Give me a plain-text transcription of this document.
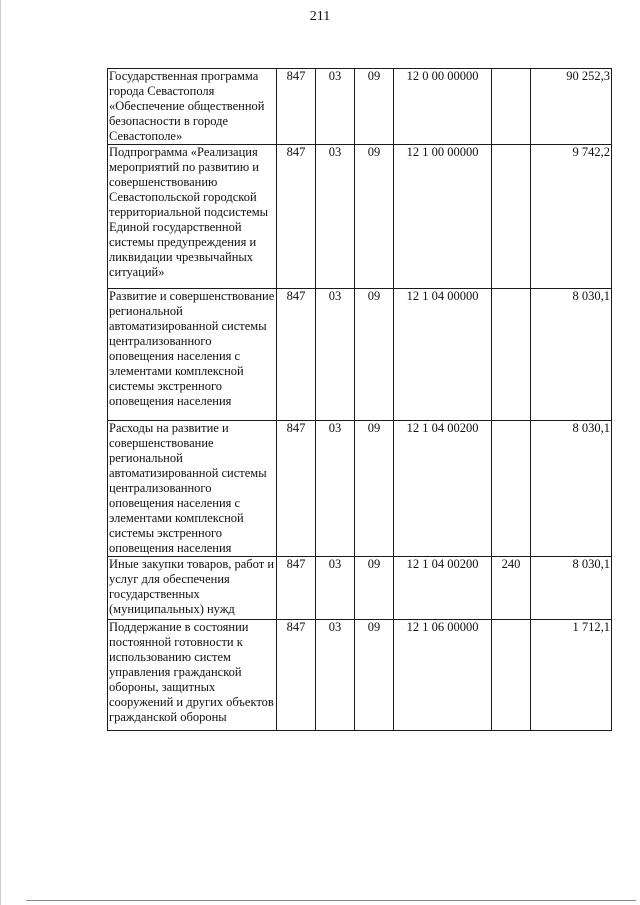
211
Государственная программа города Севастополя «Обеспечение общественной безопасности в городе Севастополе»	847	03	09	12 0 00 00000		90 252,3
Подпрограмма «Реализация мероприятий по развитию и совершенствованию Севастопольской городской территориальной подсистемы Единой государственной системы предупреждения и ликвидации чрезвычайных ситуаций»	847	03	09	12 1 00 00000		9 742,2
Развитие и совершенствование региональной автоматизированной системы централизованного оповещения населения с элементами комплексной системы экстренного оповещения населения	847	03	09	12 1 04 00000		8 030,1
Расходы на развитие и совершенствование региональной автоматизированной системы централизованного оповещения населения с элементами комплексной системы экстренного оповещения населения	847	03	09	12 1 04 00200		8 030,1
Иные закупки товаров, работ и услуг для обеспечения государственных (муниципальных) нужд	847	03	09	12 1 04 00200	240	8 030,1
Поддержание в состоянии постоянной готовности к использованию систем управления гражданской обороны, защитных сооружений и других объектов гражданской обороны	847	03	09	12 1 06 00000		1 712,1
